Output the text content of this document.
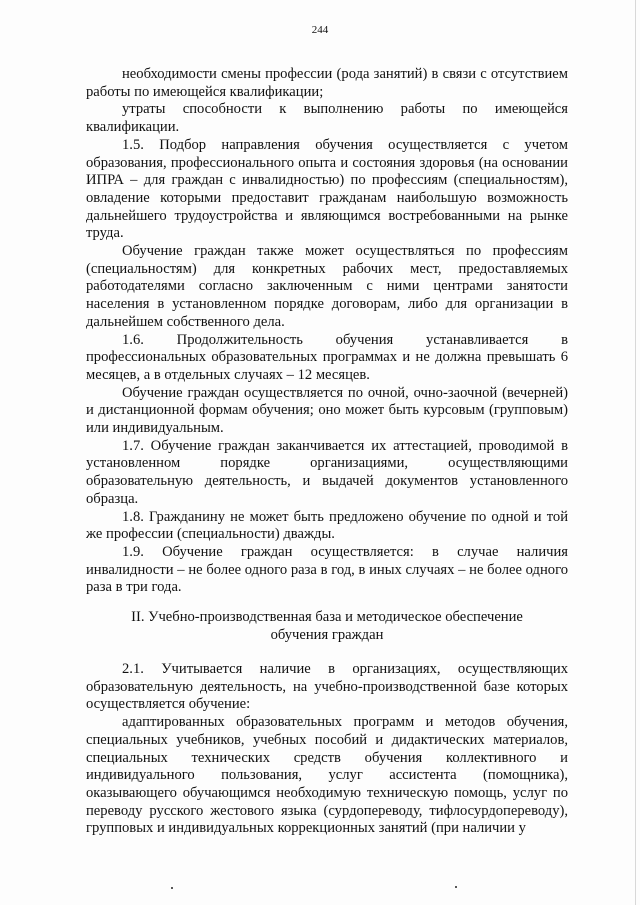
244

необходимости смены профессии (рода занятий) в связи с отсутствием работы по имеющейся квалификации;

утраты способности к выполнению работы по имеющейся квалификации.

1.5. Подбор направления обучения осуществляется с учетом образования, профессионального опыта и состояния здоровья (на основании ИПРА – для граждан с инвалидностью) по профессиям (специальностям), овладение которыми предоставит гражданам наибольшую возможность дальнейшего трудоустройства и являющимся востребованными на рынке труда.

Обучение граждан также может осуществляться по профессиям (специальностям) для конкретных рабочих мест, предоставляемых работодателями согласно заключенным с ними центрами занятости населения в установленном порядке договорам, либо для организации в дальнейшем собственного дела.

1.6. Продолжительность обучения устанавливается в профессиональных образовательных программах и не должна превышать 6 месяцев, а в отдельных случаях – 12 месяцев.

Обучение граждан осуществляется по очной, очно-заочной (вечерней) и дистанционной формам обучения; оно может быть курсовым (групповым) или индивидуальным.

1.7. Обучение граждан заканчивается их аттестацией, проводимой в установленном порядке организациями, осуществляющими образовательную деятельность, и выдачей документов установленного образца.

1.8. Гражданину не может быть предложено обучение по одной и той же профессии (специальности) дважды.

1.9. Обучение граждан осуществляется: в случае наличия инвалидности – не более одного раза в год, в иных случаях – не более одного раза в три года.

II. Учебно-производственная база и методическое обеспечение
обучения граждан

2.1. Учитывается наличие в организациях, осуществляющих образовательную деятельность, на учебно-производственной базе которых осуществляется обучение:

адаптированных образовательных программ и методов обучения, специальных учебников, учебных пособий и дидактических материалов, специальных технических средств обучения коллективного и индивидуального пользования, услуг ассистента (помощника), оказывающего обучающимся необходимую техническую помощь, услуг по переводу русского жестового языка (сурдопереводу, тифлосурдопереводу), групповых и индивидуальных коррекционных занятий (при наличии у
